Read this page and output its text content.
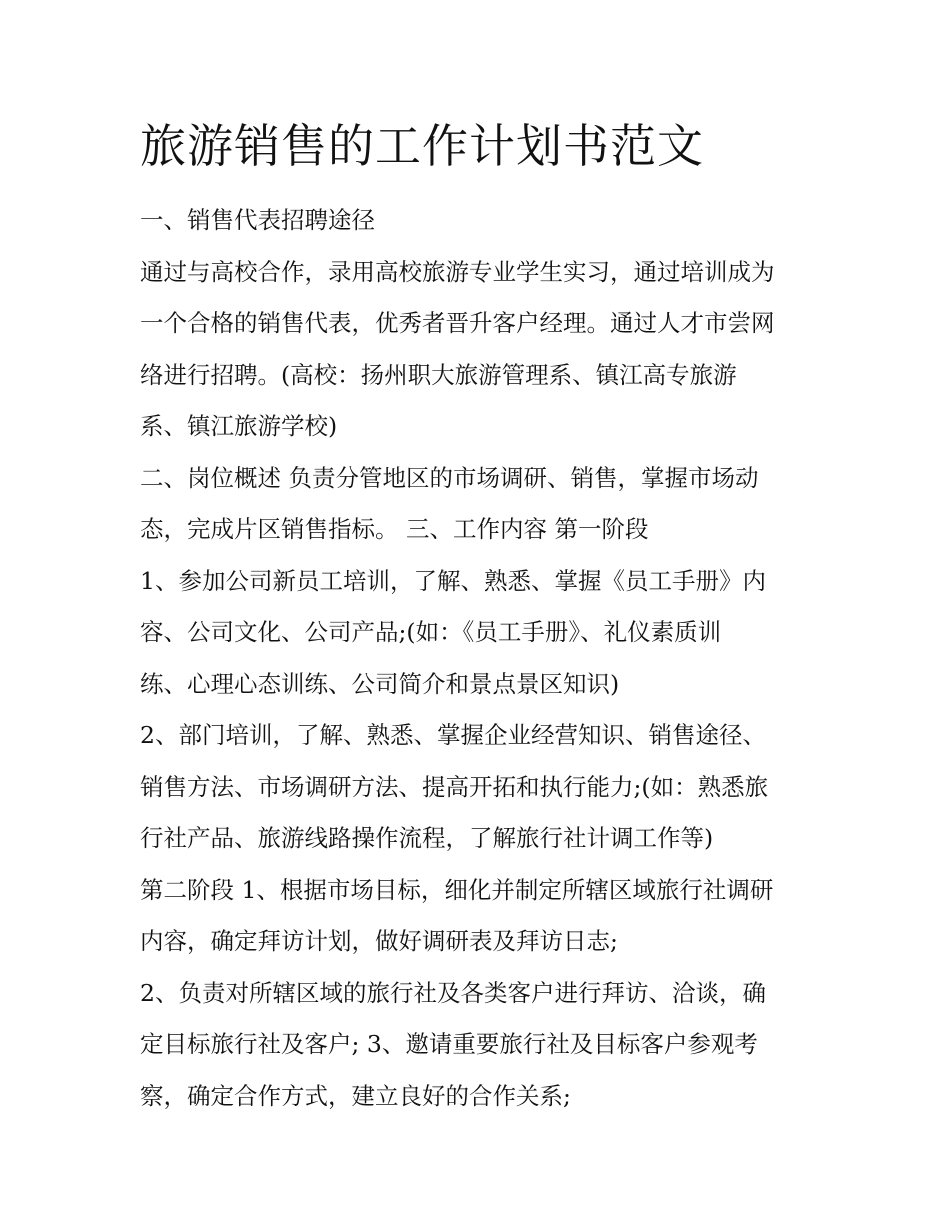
旅游销售的工作计划书范文

一、销售代表招聘途径

通过与高校合作，录用高校旅游专业学生实习，通过培训成为

一个合格的销售代表，优秀者晋升客户经理。通过人才市尝网

络进行招聘。(高校：扬州职大旅游管理系、镇江高专旅游

系、镇江旅游学校)

二、岗位概述 负责分管地区的市场调研、销售，掌握市场动

态，完成片区销售指标。 三、工作内容 第一阶段

1、参加公司新员工培训，了解、熟悉、掌握《员工手册》内

容、公司文化、公司产品;(如：《员工手册》、礼仪素质训

练、心理心态训练、公司简介和景点景区知识)

2、部门培训，了解、熟悉、掌握企业经营知识、销售途径、

销售方法、市场调研方法、提高开拓和执行能力;(如：熟悉旅

行社产品、旅游线路操作流程，了解旅行社计调工作等)

第二阶段 1、根据市场目标，细化并制定所辖区域旅行社调研

内容，确定拜访计划，做好调研表及拜访日志;

2、负责对所辖区域的旅行社及各类客户进行拜访、洽谈，确

定目标旅行社及客户; 3、邀请重要旅行社及目标客户参观考

察，确定合作方式，建立良好的合作关系;
